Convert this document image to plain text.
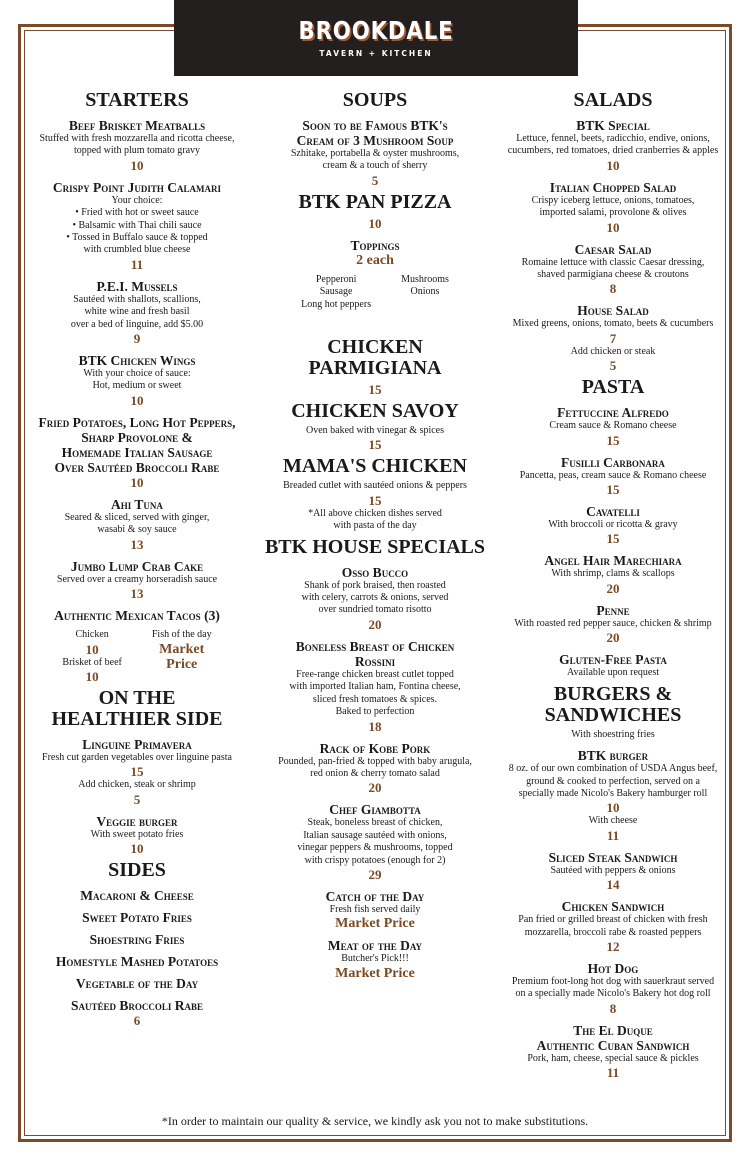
BROOKDALE
TAVERN + KITCHEN
STARTERS
Beef Brisket Meatballs
Stuffed with fresh mozzarella and ricotta cheese,
topped with plum tomato gravy
10
Crispy Point Judith Calamari
Your choice:
• Fried with hot or sweet sauce
• Balsamic with Thai chili sauce
• Tossed in Buffalo sauce & topped
with crumbled blue cheese
11
P.E.I. Mussels
Sautéed with shallots, scallions,
white wine and fresh basil
over a bed of linguine, add $5.00
9
BTK Chicken Wings
With your choice of sauce:
Hot, medium or sweet
10
Fried Potatoes, Long Hot Peppers,
Sharp Provolone &
Homemade Italian Sausage
Over Sautéed Broccoli Rabe
10
Ahi Tuna
Seared & sliced, served with ginger,
wasabi & soy sauce
13
Jumbo Lump Crab Cake
Served over a creamy horseradish sauce
13
Authentic Mexican Tacos (3)
Chicken
10
Brisket of beef
10
Fish of the day
Market
Price
ON THE
HEALTHIER SIDE
Linguine Primavera
Fresh cut garden vegetables over linguine pasta
15
Add chicken, steak or shrimp
5
Veggie burger
With sweet potato fries
10
SIDES
Macaroni & Cheese
Sweet Potato Fries
Shoestring Fries
Homestyle Mashed Potatoes
Vegetable of the Day
Sautéed Broccoli Rabe
6
SOUPS
Soon to be Famous BTK's
Cream of 3 Mushroom Soup
Szhitake, portabella & oyster mushrooms,
cream & a touch of sherry
5
BTK PAN PIZZA
10
Toppings
2 each
Pepperoni
Sausage
Long hot peppers
Mushrooms
Onions
CHICKEN
PARMIGIANA
15
CHICKEN SAVOY
Oven baked with vinegar & spices
15
MAMA'S CHICKEN
Breaded cutlet with sautéed onions & peppers
15
*All above chicken dishes served
with pasta of the day
BTK HOUSE SPECIALS
Osso Bucco
Shank of pork braised, then roasted
with celery, carrots & onions, served
over sundried tomato risotto
20
Boneless Breast of Chicken
Rossini
Free-range chicken breast cutlet topped
with imported Italian ham, Fontina cheese,
sliced fresh tomatoes & spices.
Baked to perfection
18
Rack of Kobe Pork
Pounded, pan-fried & topped with baby arugula,
red onion & cherry tomato salad
20
Chef Giambotta
Steak, boneless breast of chicken,
Italian sausage sautéed with onions,
vinegar peppers & mushrooms, topped
with crispy potatoes (enough for 2)
29
Catch of the Day
Fresh fish served daily
Market Price
Meat of the Day
Butcher's Pick!!!
Market Price
SALADS
BTK Special
Lettuce, fennel, beets, radicchio, endive, onions,
cucumbers, red tomatoes, dried cranberries & apples
10
Italian Chopped Salad
Crispy iceberg lettuce, onions, tomatoes,
imported salami, provolone & olives
10
Caesar Salad
Romaine lettuce with classic Caesar dressing,
shaved parmigiana cheese & croutons
8
House Salad
Mixed greens, onions, tomato, beets & cucumbers
7
Add chicken or steak
5
PASTA
Fettuccine Alfredo
Cream sauce & Romano cheese
15
Fusilli Carbonara
Pancetta, peas, cream sauce & Romano cheese
15
Cavatelli
With broccoli or ricotta & gravy
15
Angel Hair Marechiara
With shrimp, clams & scallops
20
Penne
With roasted red pepper sauce, chicken & shrimp
20
Gluten-Free Pasta
Available upon request
BURGERS &
SANDWICHES
With shoestring fries
BTK burger
8 oz. of our own combination of USDA Angus beef,
ground & cooked to perfection, served on a
specially made Nicolo's Bakery hamburger roll
10
With cheese
11
Sliced Steak Sandwich
Sautéed with peppers & onions
14
Chicken Sandwich
Pan fried or grilled breast of chicken with fresh
mozzarella, broccoli rabe & roasted peppers
12
Hot Dog
Premium foot-long hot dog with sauerkraut served
on a specially made Nicolo's Bakery hot dog roll
8
The El Duque
Authentic Cuban Sandwich
Pork, ham, cheese, special sauce & pickles
11
*In order to maintain our quality & service, we kindly ask you not to make substitutions.
